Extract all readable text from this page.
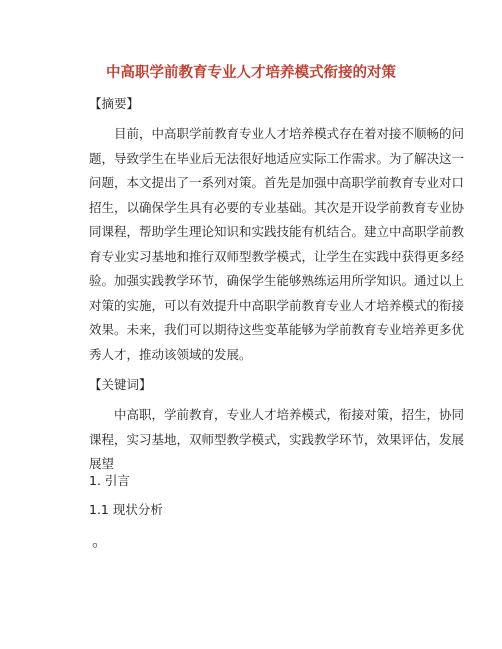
中高职学前教育专业人才培养模式衔接的对策
【摘要】
目前，中高职学前教育专业人才培养模式存在着对接不顺畅的问
题，导致学生在毕业后无法很好地适应实际工作需求。为了解决这一
问题，本文提出了一系列对策。首先是加强中高职学前教育专业对口
招生，以确保学生具有必要的专业基础。其次是开设学前教育专业协
同课程，帮助学生理论知识和实践技能有机结合。建立中高职学前教
育专业实习基地和推行双师型教学模式，让学生在实践中获得更多经
验。加强实践教学环节，确保学生能够熟练运用所学知识。通过以上
对策的实施，可以有效提升中高职学前教育专业人才培养模式的衔接
效果。未来，我们可以期待这些变革能够为学前教育专业培养更多优
秀人才，推动该领域的发展。
【关键词】
中高职，学前教育，专业人才培养模式，衔接对策，招生，协同
课程，实习基地，双师型教学模式，实践教学环节，效果评估，发展
展望
1. 引言
1.1 现状分析
。
